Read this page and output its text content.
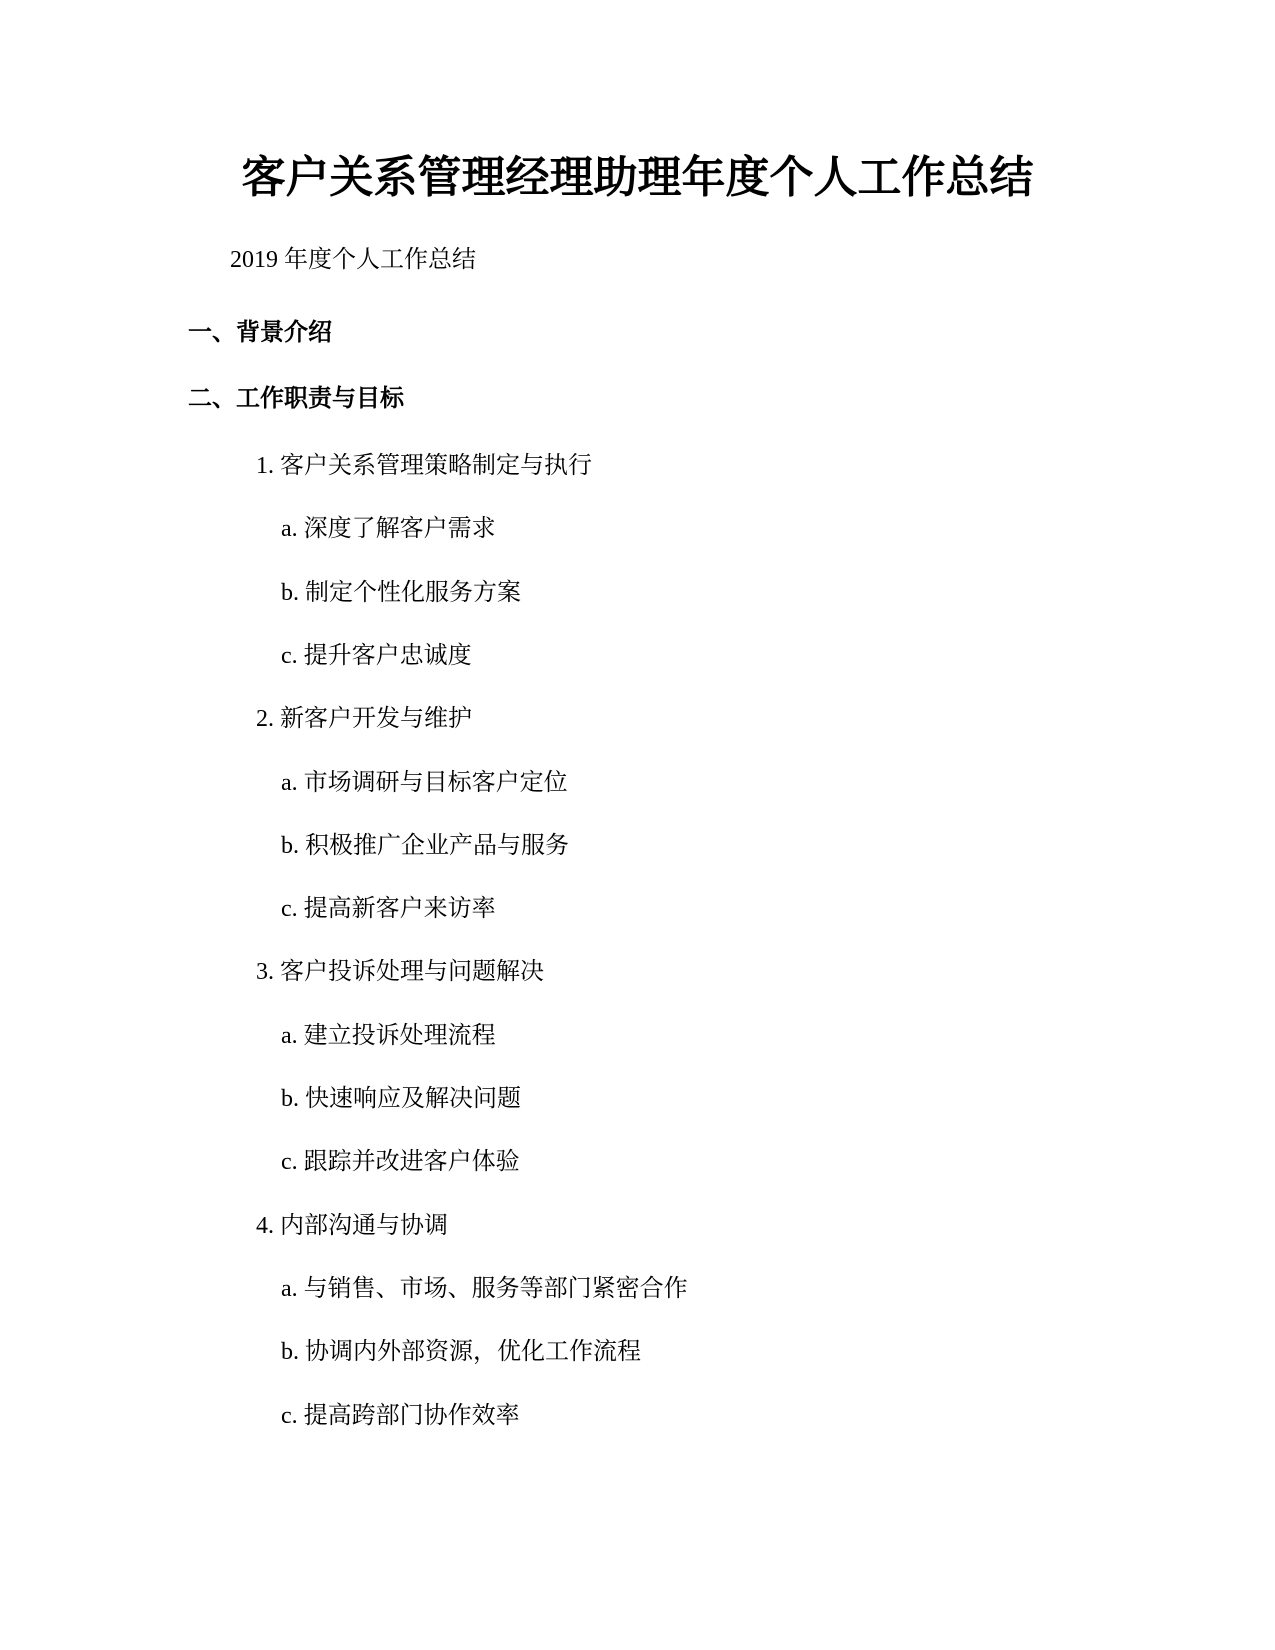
客户关系管理经理助理年度个人工作总结

2019 年度个人工作总结

一、背景介绍
二、工作职责与目标
1. 客户关系管理策略制定与执行
a. 深度了解客户需求
b. 制定个性化服务方案
c. 提升客户忠诚度
2. 新客户开发与维护
a. 市场调研与目标客户定位
b. 积极推广企业产品与服务
c. 提高新客户来访率
3. 客户投诉处理与问题解决
a. 建立投诉处理流程
b. 快速响应及解决问题
c. 跟踪并改进客户体验
4. 内部沟通与协调
a. 与销售、市场、服务等部门紧密合作
b. 协调内外部资源，优化工作流程
c. 提高跨部门协作效率
